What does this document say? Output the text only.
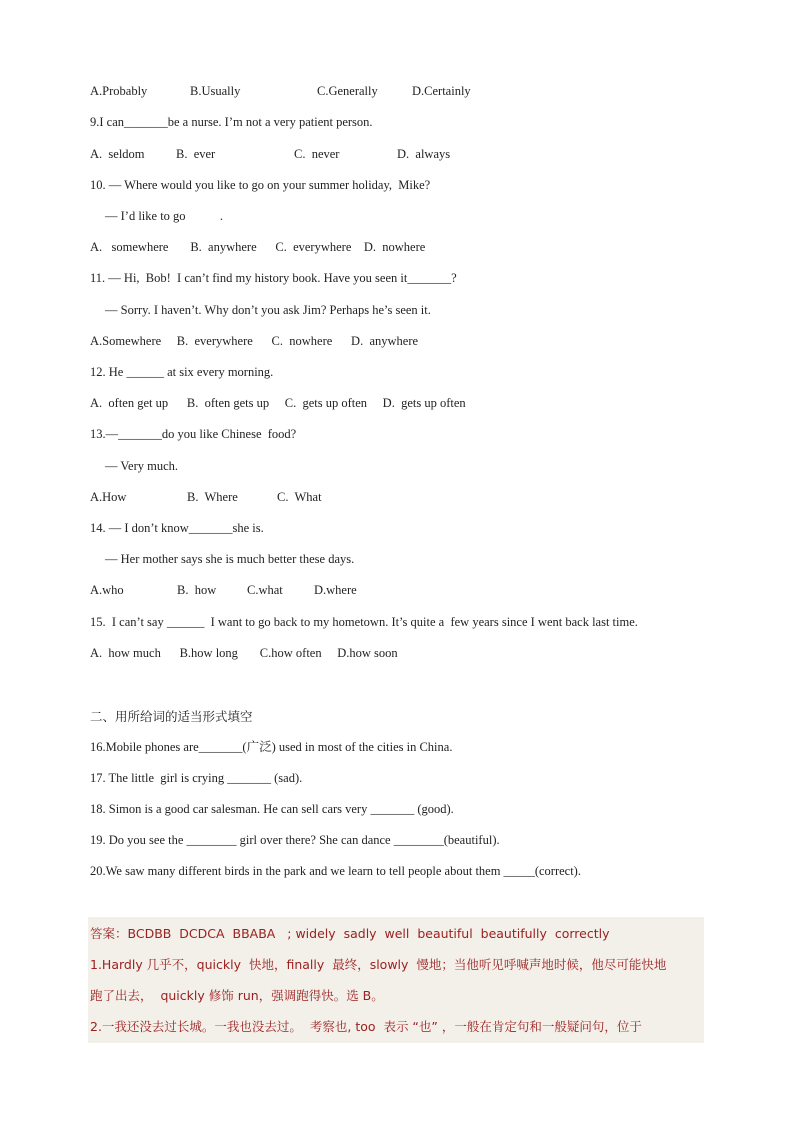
A.Probably	B.Usually	C.Generally	D.Certainly
9.I can_______be a nurse. I’m not a very patient person.
A.  seldom	B.  ever	C.  never	D.  always
10. — Where would you like to go on your summer holiday,  Mike?
— I’d like to go           .
A.   somewhere       B.  anywhere      C.  everywhere    D.  nowhere
11. — Hi,  Bob!  I can’t find my history book. Have you seen it_______?
— Sorry. I haven’t. Why don’t you ask Jim? Perhaps he’s seen it.
A.Somewhere     B.  everywhere      C.  nowhere      D.  anywhere
12. He ______ at six every morning.
A.  often get up      B.  often gets up     C.  gets up often     D.  gets up often
13.—_______do you like Chinese  food?
— Very much.
A.How	B.  Where	C.  What
14. — I don’t know_______she is.
— Her mother says she is much better these days.
A.who	B.  how C.what D.where
15.  I can’t say ______  I want to go back to my hometown. It’s quite a  few years since I went back last time.
A.  how much      B.how long       C.how often     D.how soon
二、用所给词的适当形式填空
16.Mobile phones are_______(广泛) used in most of the cities in China.
17. The little  girl is crying _______ (sad).
18. Simon is a good car salesman. He can sell cars very _______ (good).
19. Do you see the ________ girl over there? She can dance ________(beautiful).
20.We saw many different birds in the park and we learn to tell people about them _____(correct).
答案：BCDBB  DCDCA  BBABA   ; widely  sadly  well  beautiful  beautifully  correctly
1.Hardly 几乎不，quickly  快地，finally  最终，slowly  慢地；当他听见呼喊声地时候，他尽可能快地
跑了出去，  quickly 修饰 run，强调跑得快。选 B。
2.一我还没去过长城。一我也没去过。  考察也, too  表示 “也” ，一般在肯定句和一般疑问句，位于
